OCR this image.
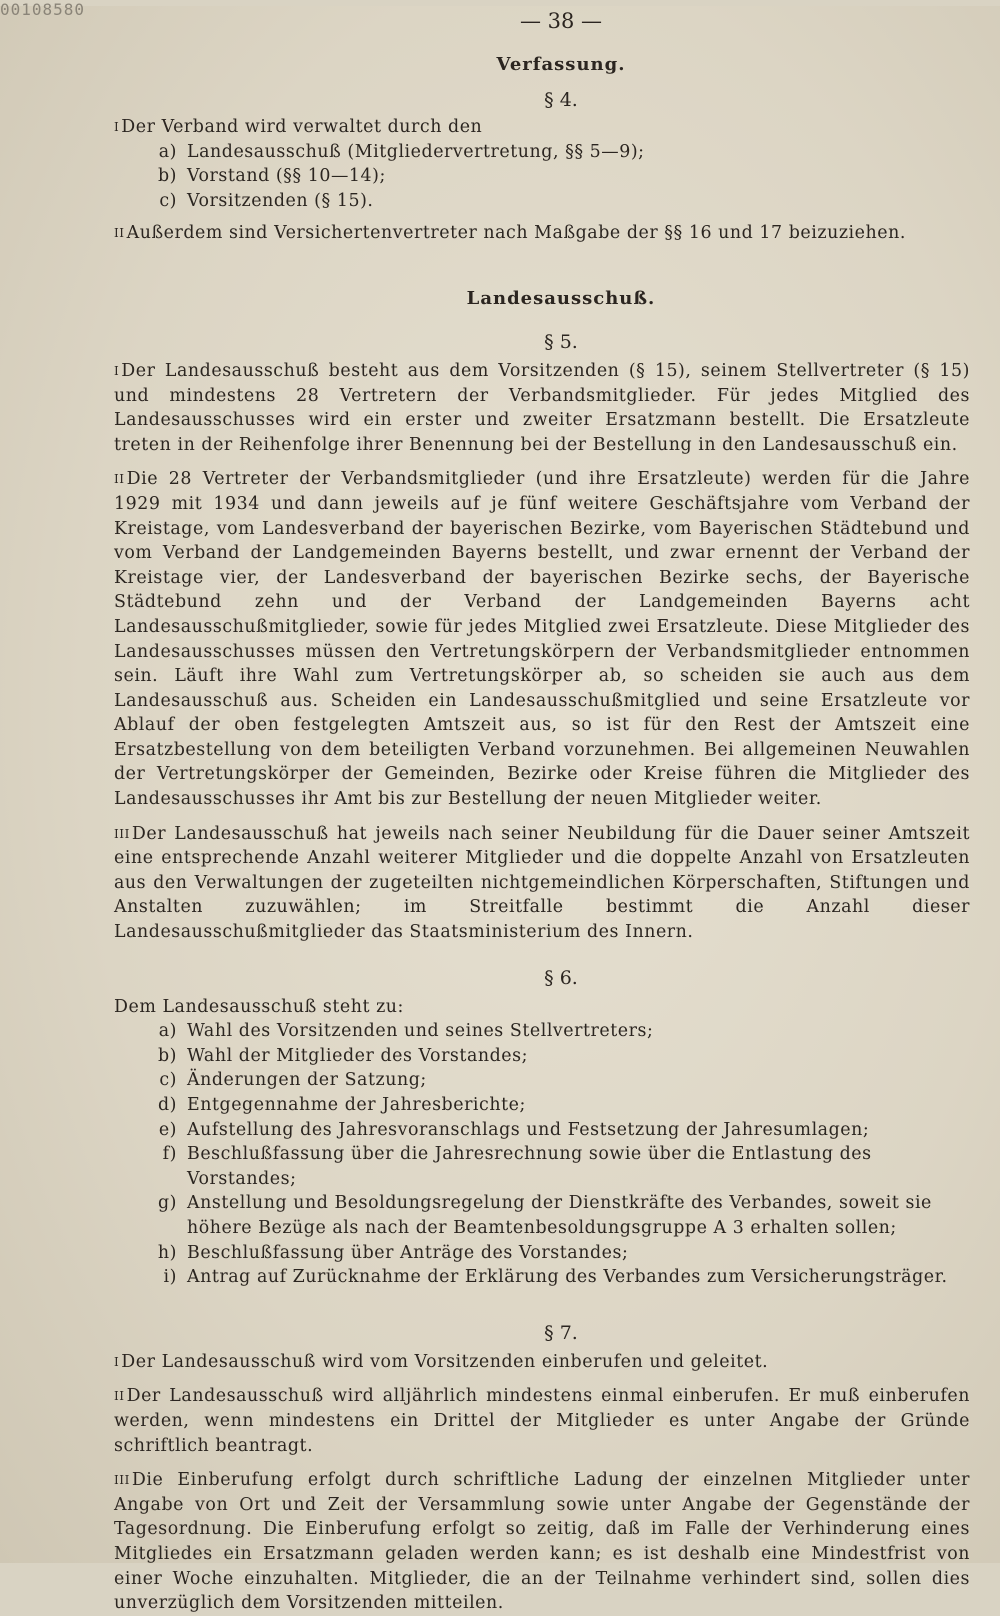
00108580	— 38 —
Verfassung.
§ 4.

$^I$ Der Verband wird verwaltet durch den

a) Landesausschuß (Mitgliedervertretung, §§ 5—9);
b) Vorstand (§§ 10—14);
c) Vorsitzenden (§ 15).

$^{II}$ Außerdem sind Versichertenvertreter nach Maßgabe der §§ 16 und 17 beizuziehen.

Landesausschuß.
§ 5.

$^I$ Der Landesausschuß besteht aus dem Vorsitzenden (§ 15), seinem Stellvertreter (§ 15) und mindestens 28 Vertretern der Verbandsmitglieder. Für jedes Mitglied des Landesausschusses wird ein erster und zweiter Ersatzmann bestellt. Die Ersatzleute treten in der Reihenfolge ihrer Benennung bei der Bestellung in den Landesausschuß ein.

$^{II}$ Die 28 Vertreter der Verbandsmitglieder (und ihre Ersatzleute) werden für die Jahre 1929 mit 1934 und dann jeweils auf je fünf weitere Geschäftsjahre vom Verband der Kreistage, vom Landesverband der bayerischen Bezirke, vom Bayerischen Städtebund und vom Verband der Landgemeinden Bayerns bestellt, und zwar ernennt der Verband der Kreistage vier, der Landesverband der bayerischen Bezirke sechs, der Bayerische Städtebund zehn und der Verband der Landgemeinden Bayerns acht Landesausschußmitglieder, sowie für jedes Mitglied zwei Ersatzleute. Diese Mitglieder des Landesausschusses müssen den Vertretungskörpern der Verbandsmitglieder entnommen sein. Läuft ihre Wahl zum Vertretungskörper ab, so scheiden sie auch aus dem Landesausschuß aus. Scheiden ein Landesausschußmitglied und seine Ersatzleute vor Ablauf der oben festgelegten Amtszeit aus, so ist für den Rest der Amtszeit eine Ersatzbestellung von dem beteiligten Verband vorzunehmen. Bei allgemeinen Neuwahlen der Vertretungskörper der Gemeinden, Bezirke oder Kreise führen die Mitglieder des Landesausschusses ihr Amt bis zur Bestellung der neuen Mitglieder weiter.

$^{III}$ Der Landesausschuß hat jeweils nach seiner Neubildung für die Dauer seiner Amtszeit eine entsprechende Anzahl weiterer Mitglieder und die doppelte Anzahl von Ersatzleuten aus den Verwaltungen der zugeteilten nichtgemeindlichen Körperschaften, Stiftungen und Anstalten zuzuwählen; im Streitfalle bestimmt die Anzahl dieser Landesausschußmitglieder das Staatsministerium des Innern.

§ 6.

Dem Landesausschuß steht zu:

a) Wahl des Vorsitzenden und seines Stellvertreters;
b) Wahl der Mitglieder des Vorstandes;
c) Änderungen der Satzung;
d) Entgegennahme der Jahresberichte;
e) Aufstellung des Jahresvoranschlags und Festsetzung der Jahresumlagen;
f) Beschlußfassung über die Jahresrechnung sowie über die Entlastung des Vorstandes;
g) Anstellung und Besoldungsregelung der Dienstkräfte des Verbandes, soweit sie höhere Bezüge als nach der Beamtenbesoldungsgruppe A 3 erhalten sollen;
h) Beschlußfassung über Anträge des Vorstandes;
i) Antrag auf Zurücknahme der Erklärung des Verbandes zum Versicherungsträger.
§ 7.

$^I$ Der Landesausschuß wird vom Vorsitzenden einberufen und geleitet.

$^{II}$ Der Landesausschuß wird alljährlich mindestens einmal einberufen. Er muß einberufen werden, wenn mindestens ein Drittel der Mitglieder es unter Angabe der Gründe schriftlich beantragt.

$^{III}$ Die Einberufung erfolgt durch schriftliche Ladung der einzelnen Mitglieder unter Angabe von Ort und Zeit der Versammlung sowie unter Angabe der Gegenstände der Tagesordnung. Die Einberufung erfolgt so zeitig, daß im Falle der Verhinderung eines Mitgliedes ein Ersatzmann geladen werden kann; es ist deshalb eine Mindestfrist von einer Woche einzuhalten. Mitglieder, die an der Teilnahme verhindert sind, sollen dies unverzüglich dem Vorsitzenden mitteilen.
